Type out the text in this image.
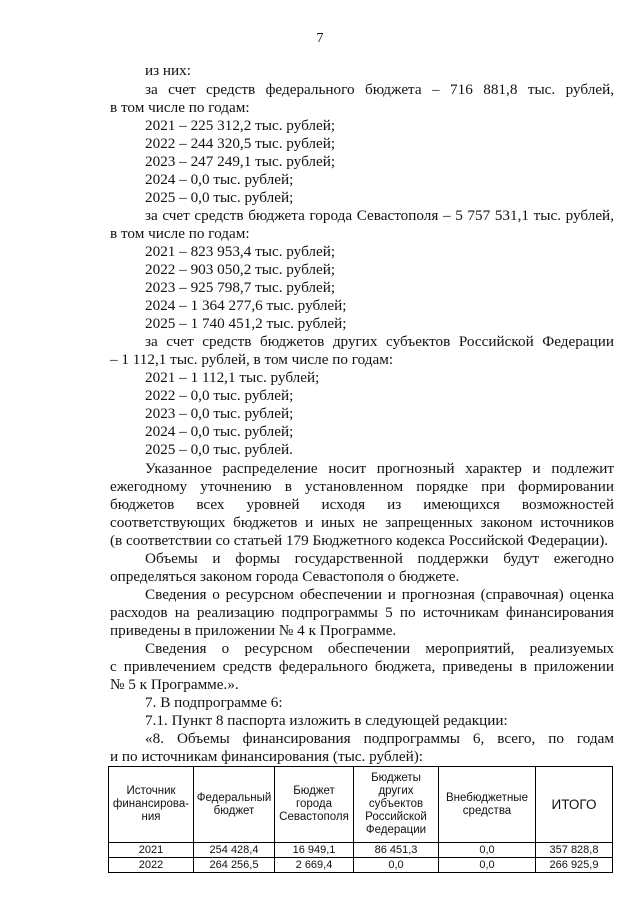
7
из них:
за счет средств федерального бюджета – 716 881,8 тыс. рублей,
в том числе по годам:
2021 – 225 312,2 тыс. рублей;
2022 – 244 320,5 тыс. рублей;
2023 – 247 249,1 тыс. рублей;
2024 – 0,0 тыс. рублей;
2025 – 0,0 тыс. рублей;
за счет средств бюджета города Севастополя – 5 757 531,1 тыс. рублей,
в том числе по годам:
2021 – 823 953,4 тыс. рублей;
2022 – 903 050,2 тыс. рублей;
2023 – 925 798,7 тыс. рублей;
2024 – 1 364 277,6 тыс. рублей;
2025 – 1 740 451,2 тыс. рублей;
за счет средств бюджетов других субъектов Российской Федерации
– 1 112,1 тыс. рублей, в том числе по годам:
2021 – 1 112,1 тыс. рублей;
2022 – 0,0 тыс. рублей;
2023 – 0,0 тыс. рублей;
2024 – 0,0 тыс. рублей;
2025 – 0,0 тыс. рублей.
Указанное распределение носит прогнозный характер и подлежит
ежегодному уточнению в установленном порядке при формировании
бюджетов всех уровней исходя из имеющихся возможностей
соответствующих бюджетов и иных не запрещенных законом источников
(в соответствии со статьей 179 Бюджетного кодекса Российской Федерации).
Объемы и формы государственной поддержки будут ежегодно
определяться законом города Севастополя о бюджете.
Сведения о ресурсном обеспечении и прогнозная (справочная) оценка
расходов на реализацию подпрограммы 5 по источникам финансирования
приведены в приложении № 4 к Программе.
Сведения о ресурсном обеспечении мероприятий, реализуемых
с привлечением средств федерального бюджета, приведены в приложении
№ 5 к Программе.».
7. В подпрограмме 6:
7.1. Пункт 8 паспорта изложить в следующей редакции:
«8. Объемы финансирования подпрограммы 6, всего, по годам
и по источникам финансирования (тыс. рублей):
Источник финансирова-ния	Федеральный бюджет	Бюджет города Севастополя	Бюджеты других субъектов Российской Федерации	Внебюджетные средства	ИТОГО
2021	254 428,4	16 949,1	86 451,3	0,0	357 828,8
2022	264 256,5	2 669,4	0,0	0,0	266 925,9
